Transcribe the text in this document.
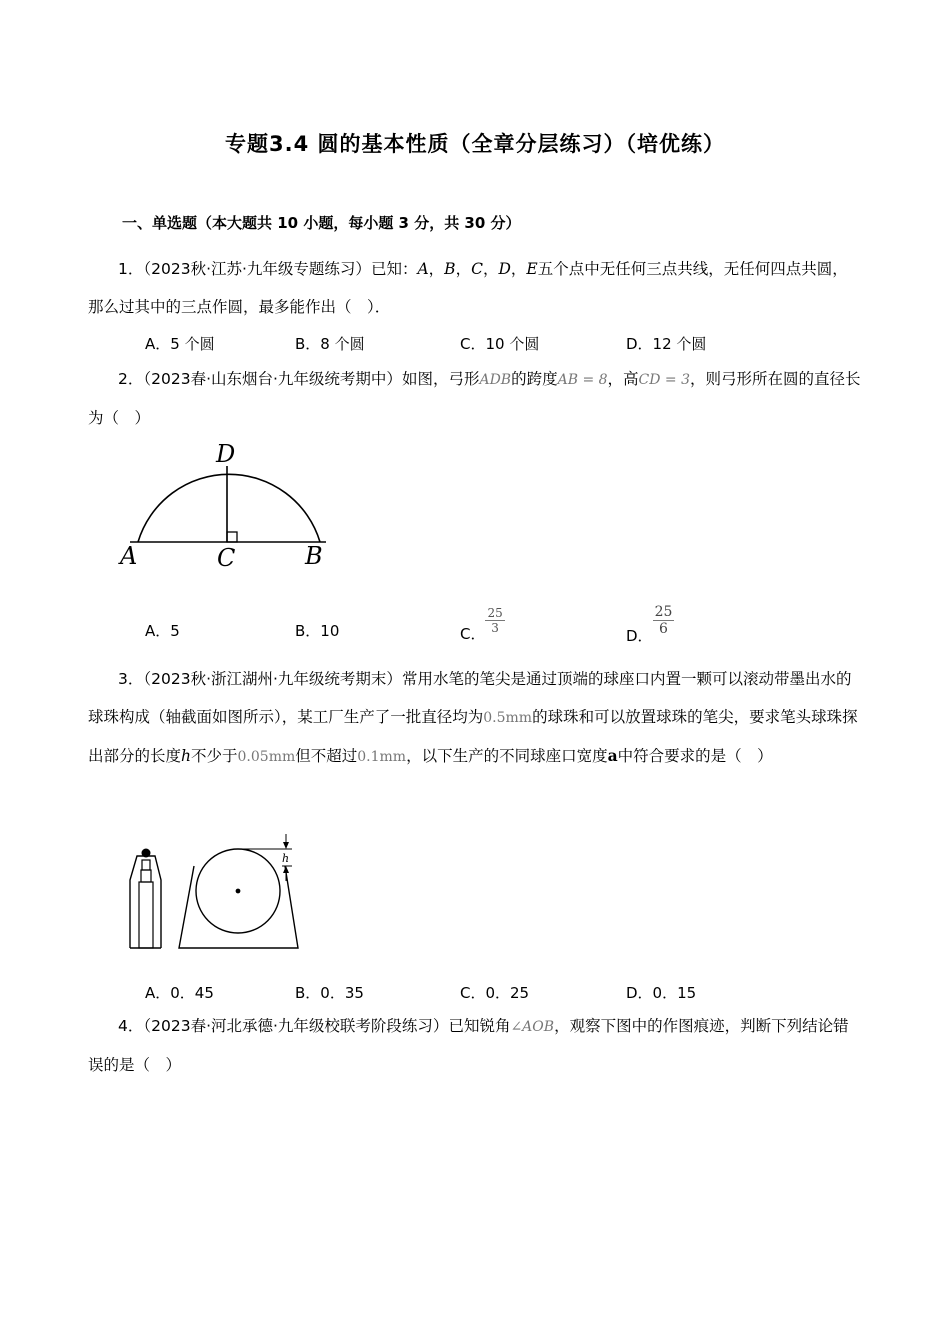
专题3.4 圆的基本性质（全章分层练习）（培优练）
一、单选题（本大题共 10 小题，每小题 3 分，共 30 分）
1．（2023秋·江苏·九年级专题练习）已知：A，B，C，D，E五个点中无任何三点共线，无任何四点共圆，那么过其中的三点作圆，最多能作出（　）．
A．5 个圆	B．8 个圆	C．10 个圆	D．12 个圆
2．（2023春·山东烟台·九年级统考期中）如图，弓形ADB的跨度AB = 8，高CD = 3，则弓形所在圆的直径长为（　）
D
A	C	B
A．5	B．10	C． $\frac{25}{3}$
D． $\frac{25}{6}$
3．（2023秋·浙江湖州·九年级统考期末）常用水笔的笔尖是通过顶端的球座口内置一颗可以滚动带墨出水的球珠构成（轴截面如图所示），某工厂生产了一批直径均为0.5mm的球珠和可以放置球珠的笔尖，要求笔头球珠探出部分的长度h不少于0.05mm但不超过0.1mm，以下生产的不同球座口宽度a中符合要求的是（　）
h
A．0．45	B．0．35	C．0．25	D．0．15
4．（2023春·河北承德·九年级校联考阶段练习）已知锐角∠AOB，观察下图中的作图痕迹，判断下列结论错误的是（　）
